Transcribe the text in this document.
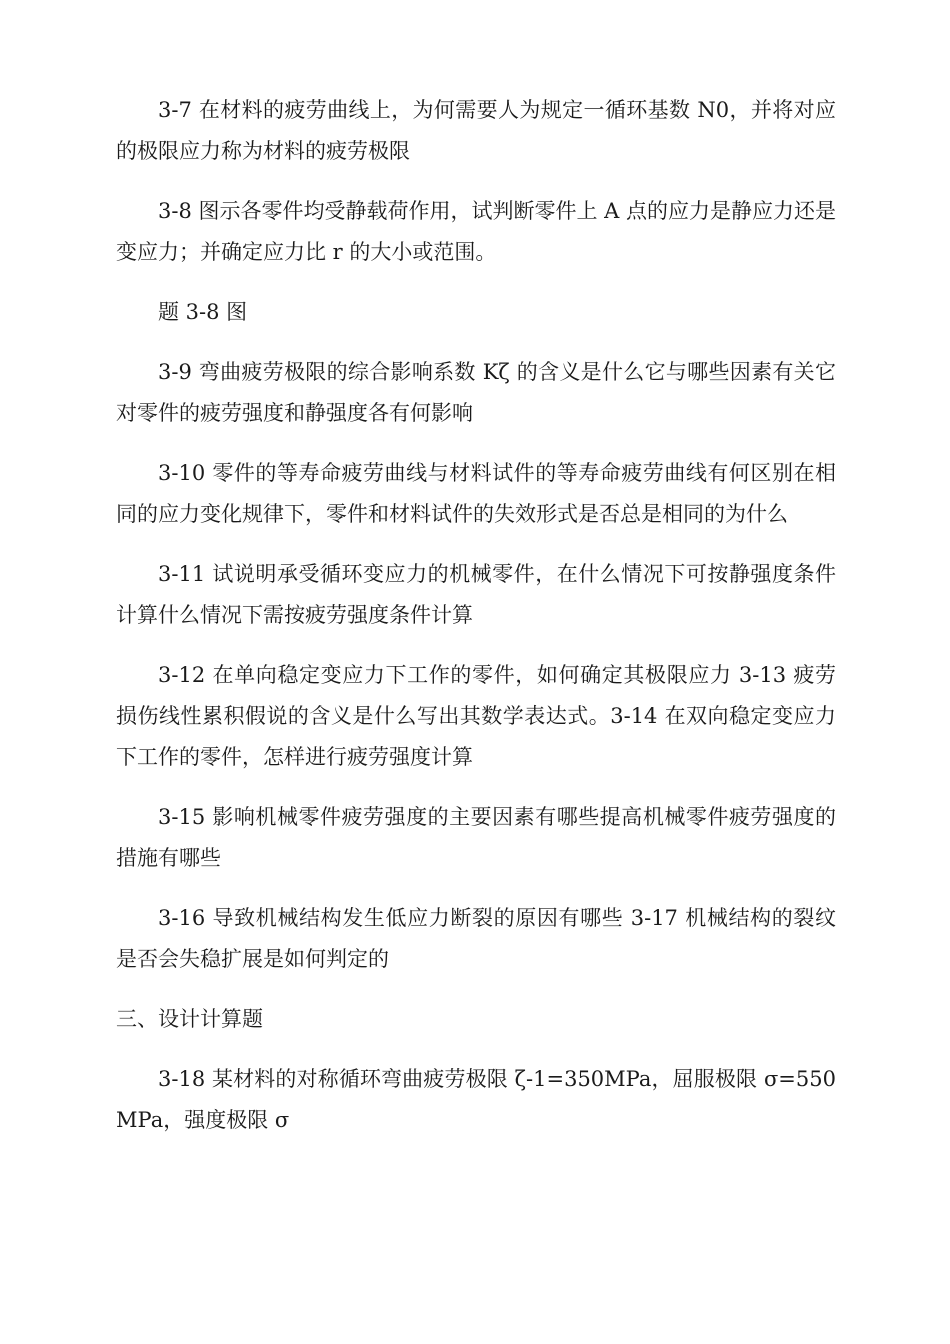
3-7 在材料的疲劳曲线上，为何需要人为规定一循环基数 N0，并将对应的极限应力称为材料的疲劳极限

3-8 图示各零件均受静载荷作用，试判断零件上 A 点的应力是静应力还是变应力；并确定应力比 r 的大小或范围。

题 3-8 图

3-9 弯曲疲劳极限的综合影响系数 Kζ 的含义是什么它与哪些因素有关它对零件的疲劳强度和静强度各有何影响

3-10 零件的等寿命疲劳曲线与材料试件的等寿命疲劳曲线有何区别在相同的应力变化规律下，零件和材料试件的失效形式是否总是相同的为什么

3-11 试说明承受循环变应力的机械零件，在什么情况下可按静强度条件计算什么情况下需按疲劳强度条件计算

3-12 在单向稳定变应力下工作的零件，如何确定其极限应力 3-13 疲劳损伤线性累积假说的含义是什么写出其数学表达式。3-14 在双向稳定变应力下工作的零件，怎样进行疲劳强度计算

3-15 影响机械零件疲劳强度的主要因素有哪些提高机械零件疲劳强度的措施有哪些

3-16 导致机械结构发生低应力断裂的原因有哪些 3-17 机械结构的裂纹是否会失稳扩展是如何判定的

三、设计计算题

3-18 某材料的对称循环弯曲疲劳极限 ζ-1=350MPa，屈服极限 σ=550MPa，强度极限 σ
